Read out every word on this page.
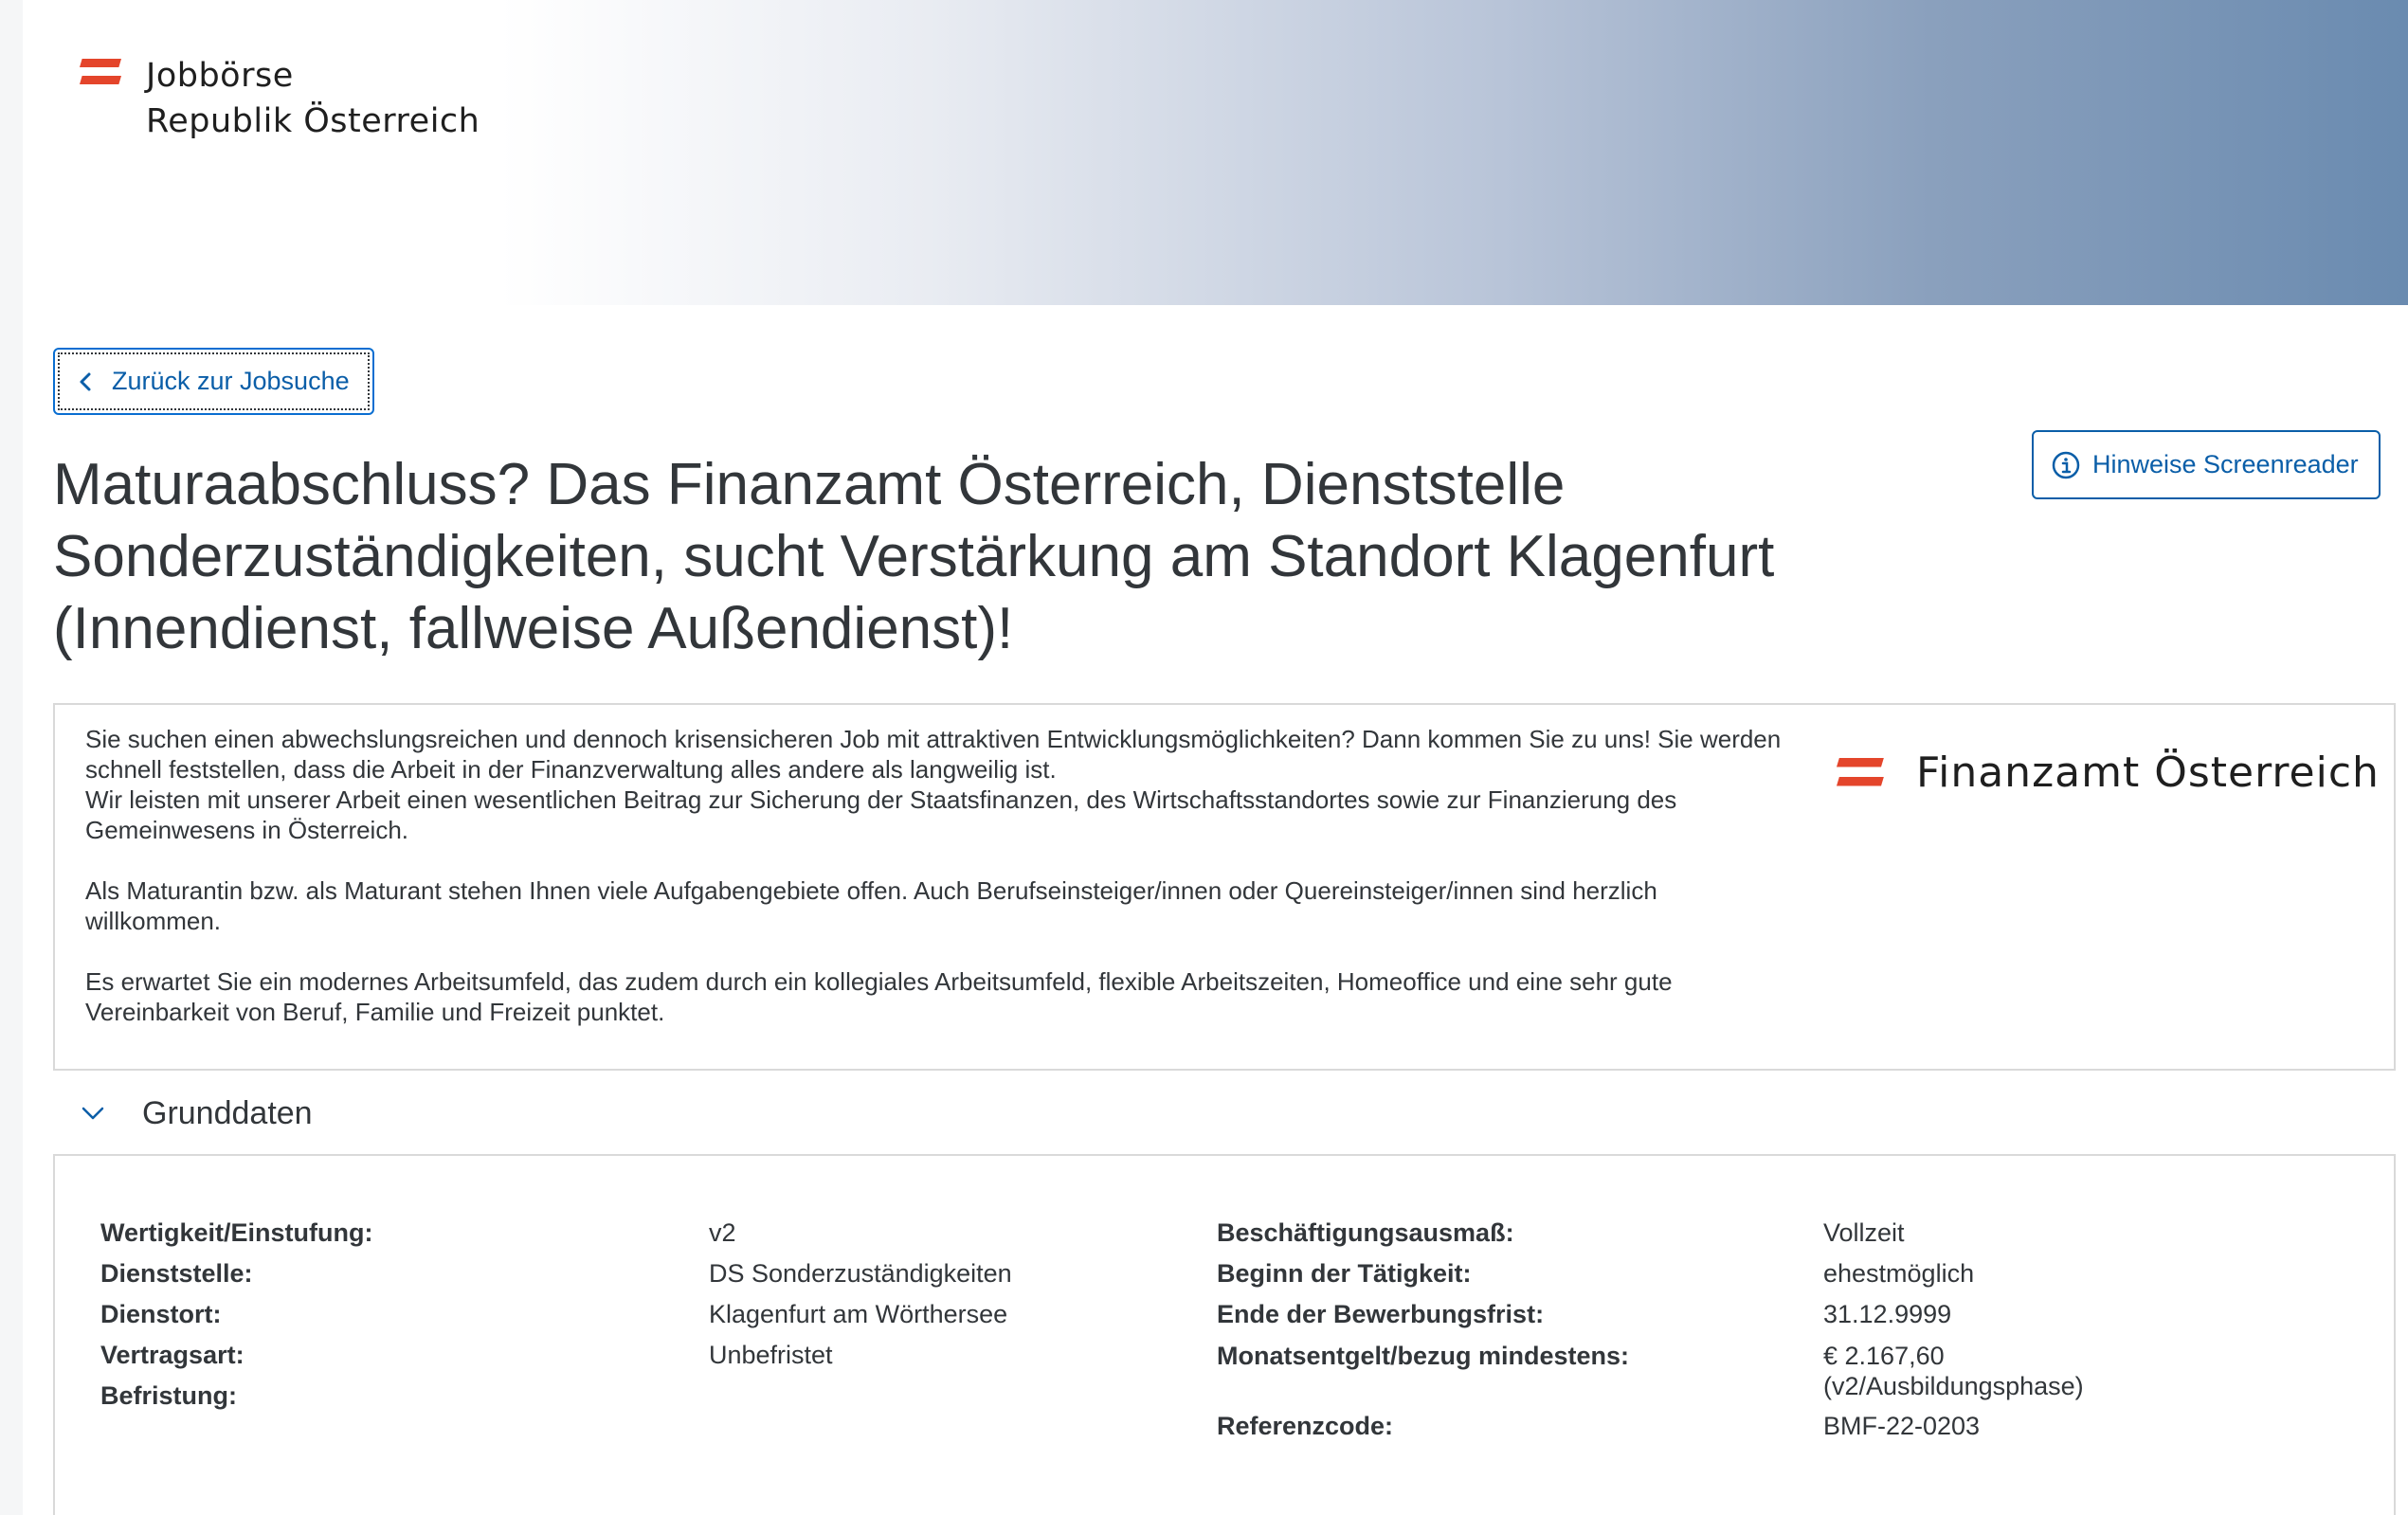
Jobbörse
Republik Österreich
Zurück zur Jobsuche
Hinweise Screenreader
Maturaabschluss? Das Finanzamt Österreich, Dienststelle Sonderzuständigkeiten, sucht Verstärkung am Standort Klagenfurt (Innendienst, fallweise Außendienst)!

Sie suchen einen abwechslungsreichen und dennoch krisensicheren Job mit attraktiven Entwicklungsmöglichkeiten? Dann kommen Sie zu uns! Sie werden schnell feststellen, dass die Arbeit in der Finanzverwaltung alles andere als langweilig ist.
Wir leisten mit unserer Arbeit einen wesentlichen Beitrag zur Sicherung der Staatsfinanzen, des Wirtschaftsstandortes sowie zur Finanzierung des Gemeinwesens in Österreich.

Als Maturantin bzw. als Maturant stehen Ihnen viele Aufgabengebiete offen. Auch Berufseinsteiger/innen oder Quereinsteiger/innen sind herzlich willkommen.

Es erwartet Sie ein modernes Arbeitsumfeld, das zudem durch ein kollegiales Arbeitsumfeld, flexible Arbeitszeiten, Homeoffice und eine sehr gute Vereinbarkeit von Beruf, Familie und Freizeit punktet.

Finanzamt Österreich
Grunddaten
Wertigkeit/Einstufung:
Dienststelle:
Dienstort:
Vertragsart:
Befristung:
v2
DS Sonderzuständigkeiten
Klagenfurt am Wörthersee
Unbefristet
Beschäftigungsausmaß:
Beginn der Tätigkeit:
Ende der Bewerbungsfrist:
Monatsentgelt/bezug mindestens:
Referenzcode:
Vollzeit
ehestmöglich
31.12.9999
€ 2.167,60
(v2/Ausbildungsphase)
BMF-22-0203
